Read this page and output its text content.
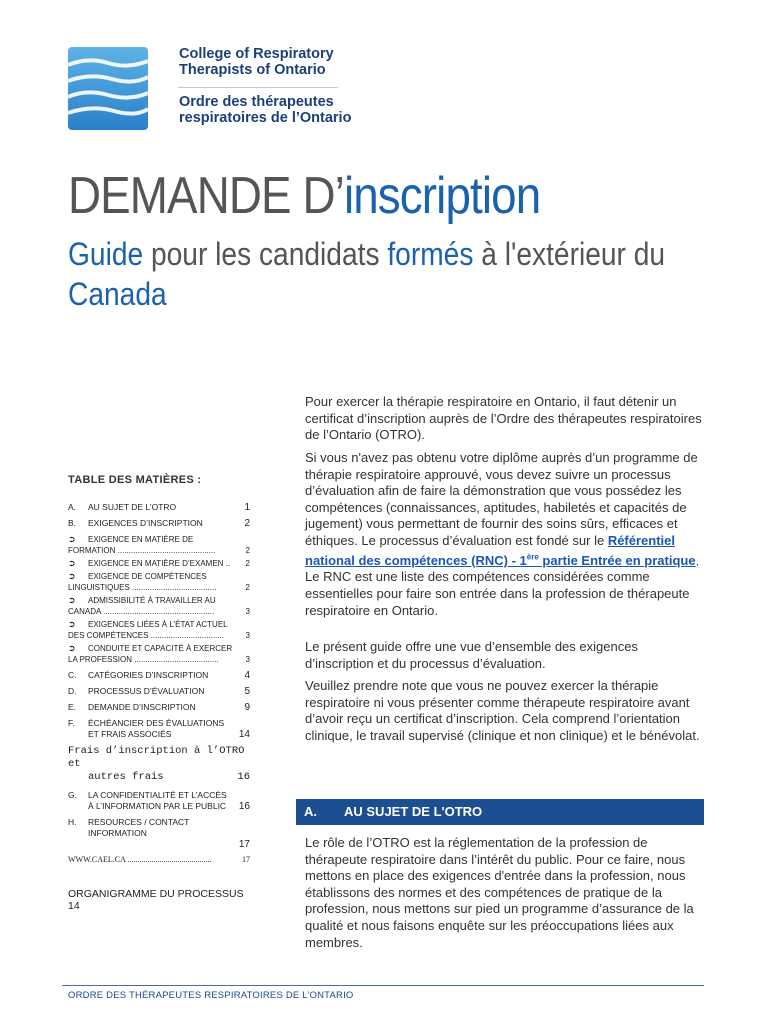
College of Respiratory
Therapists of Ontario
Ordre des thérapeutes
respiratoires de l’Ontario
DEMANDE D’inscription
Guide pour les candidats formés à l'extérieur du
Canada
TABLE DES MATIÈRES :
A.	AU SUJET DE L’OTRO	1
B.	EXIGENCES D’INSCRIPTION	2
➲ EXIGENCE EN MATIÈRE DE
FORMATION ............................................	2
➲	EXIGENCE EN MATIÈRE D’EXAMEN ..	2
➲ EXIGENCE DE COMPÉTENCES
LINGUISTIQUES ......................................	2
➲ ADMISSIBILITÉ À TRAVAILLER AU
CANADA ..................................................	3
➲ EXIGENCES LIÉES À L’ÉTAT ACTUEL
DES COMPÉTENCES .................................	3
➲ CONDUITE ET CAPACITÉ À EXERCER
LA PROFESSION ......................................	3
C.	CATÉGORIES D’INSCRIPTION	4
D.	PROCESSUS D’ÉVALUATION	5
E.	DEMANDE D’INSCRIPTION	9
F.	ÉCHÉANCIER DES ÉVALUATIONS ET FRAIS ASSOCIÉS	14
Frais d’inscription à l’OTRO et
autres frais	16
G.	LA CONFIDENTIALITÉ ET L’ACCÈS À L’INFORMATION PAR LE PUBLIC	16
H.	RESOURCES / CONTACT INFORMATION
17
WWW.CAEL.CA ..........................................	17
ORGANIGRAMME DU PROCESSUS 14

Pour exercer la thérapie respiratoire en Ontario, il faut détenir un certificat d’inscription auprès de l’Ordre des thérapeutes respiratoires de l’Ontario (OTRO).

Si vous n'avez pas obtenu votre diplôme auprès d’un programme de thérapie respiratoire approuvé, vous devez suivre un processus d’évaluation afin de faire la démonstration que vous possédez les compétences (connaissances, aptitudes, habiletés et capacités de jugement) vous permettant de fournir des soins sûrs, efficaces et éthiques. Le processus d’évaluation est fondé sur le Référentiel national des compétences (RNC) - 1ère partie Entrée en pratique. Le RNC est une liste des compétences considérées comme essentielles pour faire son entrée dans la profession de thérapeute respiratoire en Ontario.

Le présent guide offre une vue d’ensemble des exigences d’inscription et du processus d’évaluation.

Veuillez prendre note que vous ne pouvez exercer la thérapie respiratoire ni vous présenter comme thérapeute respiratoire avant d’avoir reçu un certificat d’inscription. Cela comprend l’orientation clinique, le travail supervisé (clinique et non clinique) et le bénévolat.

A. AU SUJET DE L'OTRO

Le rôle de l’OTRO est la réglementation de la profession de thérapeute respiratoire dans l’intérêt du public. Pour ce faire, nous mettons en place des exigences d'entrée dans la profession, nous établissons des normes et des compétences de pratique de la profession, nous mettons sur pied un programme d’assurance de la qualité et nous faisons enquête sur les préoccupations liées aux membres.

ORDRE DES THÉRAPEUTES RESPIRATOIRES DE L’ONTARIO
